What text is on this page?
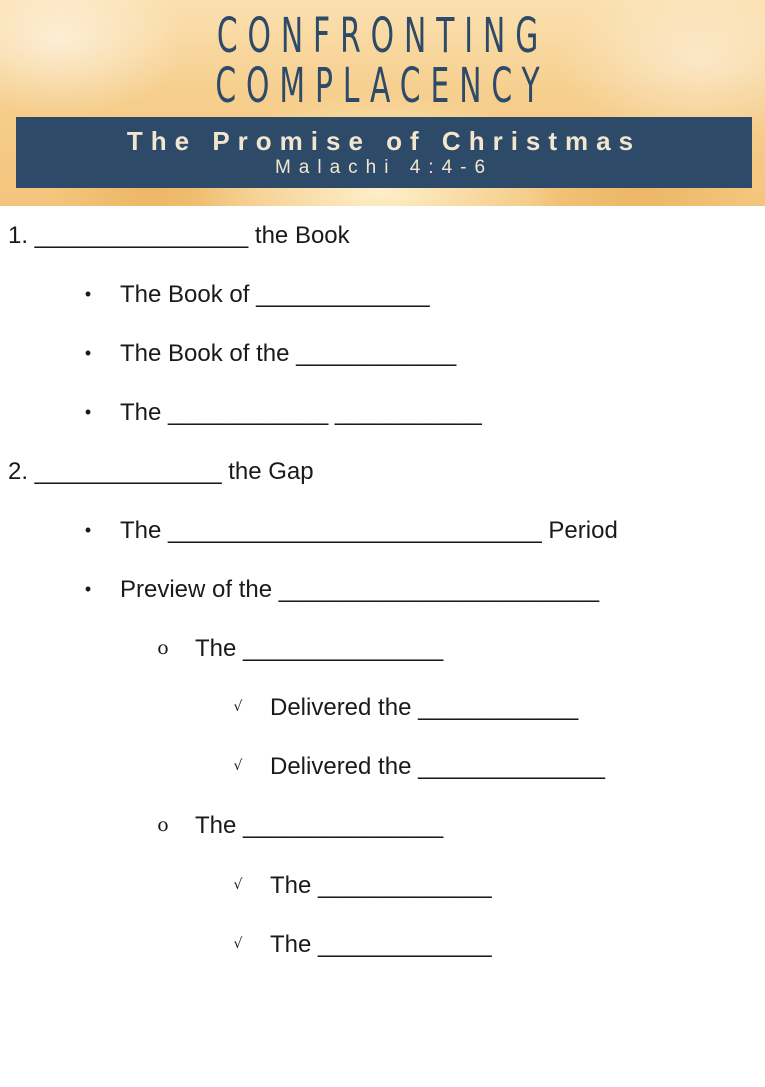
CONFRONTING
COMPLACENCY
The Promise of Christmas
Malachi 4:4-6
1. ________________ the Book
• The Book of _____________
• The Book of the ____________
• The ____________ ___________
2. ______________ the Gap
• The ____________________________ Period
• Preview of the ________________________
o The _______________
√ Delivered the ____________
√ Delivered the ______________
o The _______________
√ The _____________
√ The _____________
